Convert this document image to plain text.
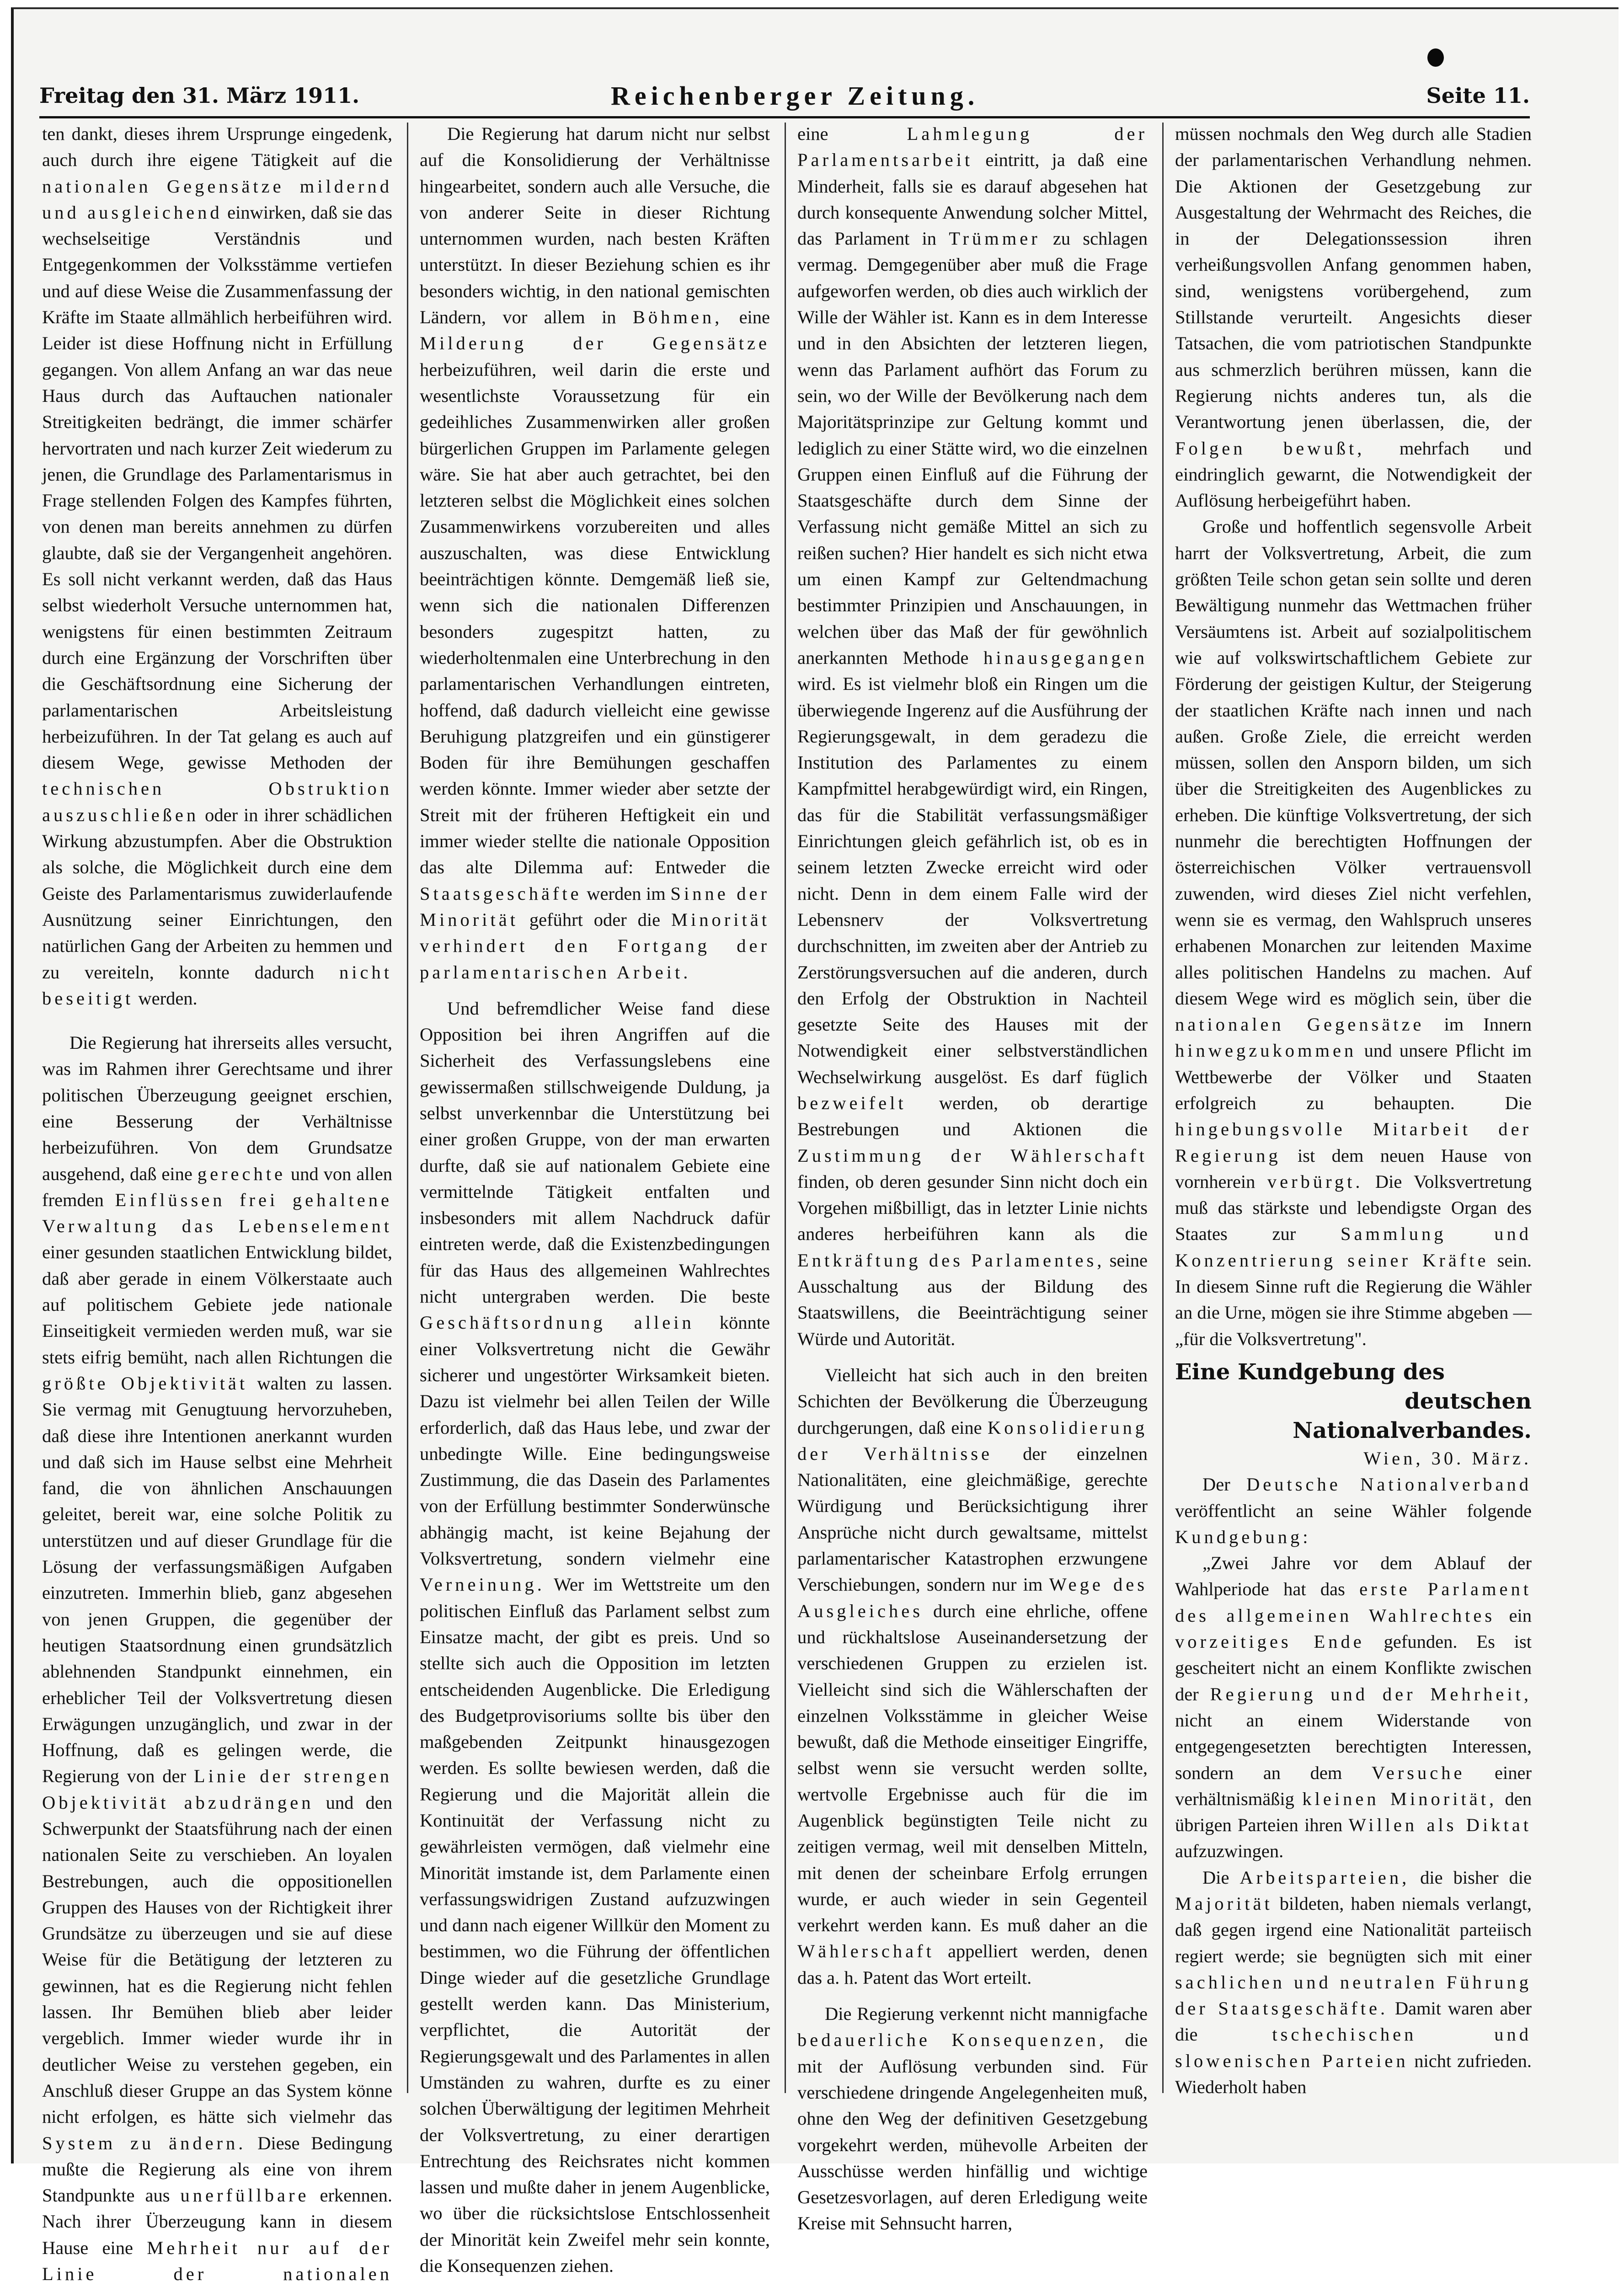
Freitag den 31. März 1911.	Reichenberger Zeitung.	Seite 11.

ten dankt, dieses ihrem Ursprunge eingedenk, auch durch ihre eigene Tätigkeit auf die nationalen Gegensätze mildernd und ausgleichend einwirken, daß sie das wechselseitige Verständnis und Entgegenkommen der Volksstämme vertiefen und auf diese Weise die Zusammenfassung der Kräfte im Staate allmählich herbeiführen wird. Leider ist diese Hoffnung nicht in Erfüllung gegangen. Von allem Anfang an war das neue Haus durch das Auftauchen nationaler Streitigkeiten bedrängt, die immer schärfer hervortraten und nach kurzer Zeit wiederum zu jenen, die Grundlage des Parlamentarismus in Frage stellenden Folgen des Kampfes führten, von denen man bereits annehmen zu dürfen glaubte, daß sie der Vergangenheit angehören. Es soll nicht verkannt werden, daß das Haus selbst wiederholt Versuche unternommen hat, wenigstens für einen bestimmten Zeitraum durch eine Ergänzung der Vorschriften über die Geschäftsordnung eine Sicherung der parlamentarischen Arbeitsleistung herbeizuführen. In der Tat gelang es auch auf diesem Wege, gewisse Methoden der technischen Obstruktion auszuschließen oder in ihrer schädlichen Wirkung abzustumpfen. Aber die Obstruktion als solche, die Möglichkeit durch eine dem Geiste des Parlamentarismus zuwiderlaufende Ausnützung seiner Einrichtungen, den natürlichen Gang der Arbeiten zu hemmen und zu vereiteln, konnte dadurch nicht beseitigt werden.

Die Regierung hat ihrerseits alles versucht, was im Rahmen ihrer Gerechtsame und ihrer politischen Überzeugung geeignet erschien, eine Besserung der Verhältnisse herbeizuführen. Von dem Grundsatze ausgehend, daß eine gerechte und von allen fremden Einflüssen frei gehaltene Verwaltung das Lebenselement einer gesunden staatlichen Entwicklung bildet, daß aber gerade in einem Völkerstaate auch auf politischem Gebiete jede nationale Einseitigkeit vermieden werden muß, war sie stets eifrig bemüht, nach allen Richtungen die größte Objektivität walten zu lassen. Sie vermag mit Genugtuung hervorzuheben, daß diese ihre Intentionen anerkannt wurden und daß sich im Hause selbst eine Mehrheit fand, die von ähnlichen Anschauungen geleitet, bereit war, eine solche Politik zu unterstützen und auf dieser Grundlage für die Lösung der verfassungsmäßigen Aufgaben einzutreten. Immerhin blieb, ganz abgesehen von jenen Gruppen, die gegenüber der heutigen Staatsordnung einen grundsätzlich ablehnenden Standpunkt einnehmen, ein erheblicher Teil der Volksvertretung diesen Erwägungen unzugänglich, und zwar in der Hoffnung, daß es gelingen werde, die Regierung von der Linie der strengen Objektivität abzudrängen und den Schwerpunkt der Staatsführung nach der einen nationalen Seite zu verschieben. An loyalen Bestrebungen, auch die oppositionellen Gruppen des Hauses von der Richtigkeit ihrer Grundsätze zu überzeugen und sie auf diese Weise für die Betätigung der letzteren zu gewinnen, hat es die Regierung nicht fehlen lassen. Ihr Bemühen blieb aber leider vergeblich. Immer wieder wurde ihr in deutlicher Weise zu verstehen gegeben, ein Anschluß dieser Gruppe an das System könne nicht erfolgen, es hätte sich vielmehr das System zu ändern. Diese Bedingung mußte die Regierung als eine von ihrem Standpunkte aus unerfüllbare erkennen. Nach ihrer Überzeugung kann in diesem Hause eine Mehrheit nur auf der Linie der nationalen

Die Regierung hat darum nicht nur selbst auf die Konsolidierung der Verhältnisse hingearbeitet, sondern auch alle Versuche, die von anderer Seite in dieser Richtung unternommen wurden, nach besten Kräften unterstützt. In dieser Beziehung schien es ihr besonders wichtig, in den national gemischten Ländern, vor allem in Böhmen, eine Milderung der Gegensätze herbeizuführen, weil darin die erste und wesentlichste Voraussetzung für ein gedeihliches Zusammenwirken aller großen bürgerlichen Gruppen im Parlamente gelegen wäre. Sie hat aber auch getrachtet, bei den letzteren selbst die Möglichkeit eines solchen Zusammenwirkens vorzubereiten und alles auszuschalten, was diese Entwicklung beeinträchtigen könnte. Demgemäß ließ sie, wenn sich die nationalen Differenzen besonders zugespitzt hatten, zu wiederholtenmalen eine Unterbrechung in den parlamentarischen Verhandlungen eintreten, hoffend, daß dadurch vielleicht eine gewisse Beruhigung platzgreifen und ein günstigerer Boden für ihre Bemühungen geschaffen werden könnte. Immer wieder aber setzte der Streit mit der früheren Heftigkeit ein und immer wieder stellte die nationale Opposition das alte Dilemma auf: Entweder die Staatsgeschäfte werden im Sinne der Minorität geführt oder die Minorität verhindert den Fortgang der parlamentarischen Arbeit.

Und befremdlicher Weise fand diese Opposition bei ihren Angriffen auf die Sicherheit des Verfassungslebens eine gewissermaßen stillschweigende Duldung, ja selbst unverkennbar die Unterstützung bei einer großen Gruppe, von der man erwarten durfte, daß sie auf nationalem Gebiete eine vermittelnde Tätigkeit entfalten und insbesonders mit allem Nachdruck dafür eintreten werde, daß die Existenzbedingungen für das Haus des allgemeinen Wahlrechtes nicht untergraben werden. Die beste Geschäftsordnung allein könnte einer Volksvertretung nicht die Gewähr sicherer und ungestörter Wirksamkeit bieten. Dazu ist vielmehr bei allen Teilen der Wille erforderlich, daß das Haus lebe, und zwar der unbedingte Wille. Eine bedingungsweise Zustimmung, die das Dasein des Parlamentes von der Erfüllung bestimmter Sonderwünsche abhängig macht, ist keine Bejahung der Volksvertretung, sondern vielmehr eine Verneinung. Wer im Wettstreite um den politischen Einfluß das Parlament selbst zum Einsatze macht, der gibt es preis. Und so stellte sich auch die Opposition im letzten entscheidenden Augenblicke. Die Erledigung des Budgetprovisoriums sollte bis über den maßgebenden Zeitpunkt hinausgezogen werden. Es sollte bewiesen werden, daß die Regierung und die Majorität allein die Kontinuität der Verfassung nicht zu gewährleisten vermögen, daß vielmehr eine Minorität imstande ist, dem Parlamente einen verfassungswidrigen Zustand aufzuzwingen und dann nach eigener Willkür den Moment zu bestimmen, wo die Führung der öffentlichen Dinge wieder auf die gesetzliche Grundlage gestellt werden kann. Das Ministerium, verpflichtet, die Autorität der Regierungsgewalt und des Parlamentes in allen Umständen zu wahren, durfte es zu einer solchen Überwältigung der legitimen Mehrheit der Volksvertretung, zu einer derartigen Entrechtung des Reichsrates nicht kommen lassen und mußte daher in jenem Augenblicke, wo über die rücksichtslose Entschlossenheit der Minorität kein Zweifel mehr sein konnte, die Konsequenzen ziehen.

eine	Lahmlegung der Parlamentsarbeit eintritt, ja daß eine Minderheit, falls sie es darauf abgesehen hat durch konsequente Anwendung solcher Mittel, das Parlament in Trümmer zu schlagen vermag. Demgegenüber aber muß die Frage aufgeworfen werden, ob dies auch wirklich der Wille der Wähler ist. Kann es in dem Interesse und in den Absichten der letzteren liegen, wenn das Parlament aufhört das Forum zu sein, wo der Wille der Bevölkerung nach dem Majoritätsprinzipe zur Geltung kommt und lediglich zu einer Stätte wird, wo die einzelnen Gruppen einen Einfluß auf die Führung der Staatsgeschäfte durch dem Sinne der Verfassung nicht gemäße Mittel an sich zu reißen suchen? Hier handelt es sich nicht etwa um einen Kampf zur Geltendmachung bestimmter Prinzipien und Anschauungen, in welchen über das Maß der für gewöhnlich anerkannten Methode hinausgegangen wird. Es ist vielmehr bloß ein Ringen um die überwiegende Ingerenz auf die Ausführung der Regierungsgewalt, in dem geradezu die Institution des Parlamentes zu einem Kampfmittel herabgewürdigt wird, ein Ringen, das für die Stabilität verfassungsmäßiger Einrichtungen gleich gefährlich ist, ob es in seinem letzten Zwecke erreicht wird oder nicht. Denn in dem einem Falle wird der Lebensnerv der Volksvertretung durchschnitten, im zweiten aber der Antrieb zu Zerstörungsversuchen auf die anderen, durch den Erfolg der Obstruktion in Nachteil gesetzte Seite des Hauses mit der Notwendigkeit einer selbstverständlichen Wechselwirkung ausgelöst. Es darf füglich bezweifelt werden, ob derartige Bestrebungen und Aktionen die Zustimmung der Wählerschaft finden, ob deren gesunder Sinn nicht doch ein Vorgehen mißbilligt, das in letzter Linie nichts anderes herbeiführen kann als die Entkräftung des Parlamentes, seine Ausschaltung aus der Bildung des Staatswillens, die Beeinträchtigung seiner Würde und Autorität.

Vielleicht hat sich auch in den breiten Schichten der Bevölkerung die Überzeugung durchgerungen, daß eine Konsolidierung der Verhältnisse der einzelnen Nationalitäten, eine gleichmäßige, gerechte Würdigung und Berücksichtigung ihrer Ansprüche nicht durch gewaltsame, mittelst parlamentarischer Katastrophen erzwungene Verschiebungen, sondern nur im Wege des Ausgleiches durch eine ehrliche, offene und rückhaltslose Auseinandersetzung der verschiedenen Gruppen zu erzielen ist. Vielleicht sind sich die Wählerschaften der einzelnen Volksstämme in gleicher Weise bewußt, daß die Methode einseitiger Eingriffe, selbst wenn sie versucht werden sollte, wertvolle Ergebnisse auch für die im Augenblick begünstigten Teile nicht zu zeitigen vermag, weil mit denselben Mitteln, mit denen der scheinbare Erfolg errungen wurde, er auch wieder in sein Gegenteil verkehrt werden kann. Es muß daher an die Wählerschaft appelliert werden, denen das a. h. Patent das Wort erteilt.

Die Regierung verkennt nicht mannigfache bedauerliche Konsequenzen, die mit der Auflösung verbunden sind. Für verschiedene dringende Angelegenheiten muß, ohne den Weg der definitiven Gesetzgebung vorgekehrt werden, mühevolle Arbeiten der Ausschüsse werden hinfällig und wichtige Gesetzesvorlagen, auf deren Erledigung weite Kreise mit Sehnsucht harren,

müssen nochmals den Weg durch alle Stadien der parlamentarischen Verhandlung nehmen. Die Aktionen der Gesetzgebung zur Ausgestaltung der Wehrmacht des Reiches, die in der Delegationssession ihren verheißungsvollen Anfang genommen haben, sind, wenigstens vorübergehend, zum Stillstande verurteilt. Angesichts dieser Tatsachen, die vom patriotischen Standpunkte aus schmerzlich berühren müssen, kann die Regierung nichts anderes tun, als die Verantwortung jenen überlassen, die, der Folgen bewußt, mehrfach und eindringlich gewarnt, die Notwendigkeit der Auflösung herbeigeführt haben.

Große und hoffentlich segensvolle Arbeit harrt der Volksvertretung, Arbeit, die zum größten Teile schon getan sein sollte und deren Bewältigung nunmehr das Wettmachen früher Versäumtens ist. Arbeit auf sozialpolitischem wie auf volkswirtschaftlichem Gebiete zur Förderung der geistigen Kultur, der Steigerung der staatlichen Kräfte nach innen und nach außen. Große Ziele, die erreicht werden müssen, sollen den Ansporn bilden, um sich über die Streitigkeiten des Augenblickes zu erheben. Die künftige Volksvertretung, der sich nunmehr die berechtigten Hoffnungen der österreichischen Völker vertrauensvoll zuwenden, wird dieses Ziel nicht verfehlen, wenn sie es vermag, den Wahlspruch unseres erhabenen Monarchen zur leitenden Maxime alles politischen Handelns zu machen. Auf diesem Wege wird es möglich sein, über die nationalen Gegensätze im Innern hinwegzukommen und unsere Pflicht im Wettbewerbe der Völker und Staaten erfolgreich zu behaupten. Die hingebungsvolle Mitarbeit der Regierung ist dem neuen Hause von vornherein verbürgt. Die Volksvertretung muß das stärkste und lebendigste Organ des Staates zur Sammlung und Konzentrierung seiner Kräfte sein. In diesem Sinne ruft die Regierung die Wähler an die Urne, mögen sie ihre Stimme abgeben — „für die Volksvertretung".

Eine Kundgebung des
deutschen Nationalverbandes.

Wien, 30. März.

Der Deutsche Nationalverband veröffentlicht an seine Wähler folgende Kundgebung:

„Zwei Jahre vor dem Ablauf der Wahlperiode hat das erste Parlament des allgemeinen Wahlrechtes ein vorzeitiges Ende gefunden. Es ist gescheitert nicht an einem Konflikte zwischen der Regierung und der Mehrheit, nicht an einem Widerstande von entgegengesetzten berechtigten Interessen, sondern an dem Versuche einer verhältnismäßig kleinen Minorität, den übrigen Parteien ihren Willen als Diktat aufzuzwingen.

Die Arbeitsparteien, die bisher die Majorität bildeten, haben niemals verlangt, daß gegen irgend eine Nationalität parteiisch regiert werde; sie begnügten sich mit einer sachlichen und neutralen Führung der Staatsgeschäfte. Damit waren aber die	tschechischen und slowenischen Parteien nicht zufrieden. Wiederholt haben
